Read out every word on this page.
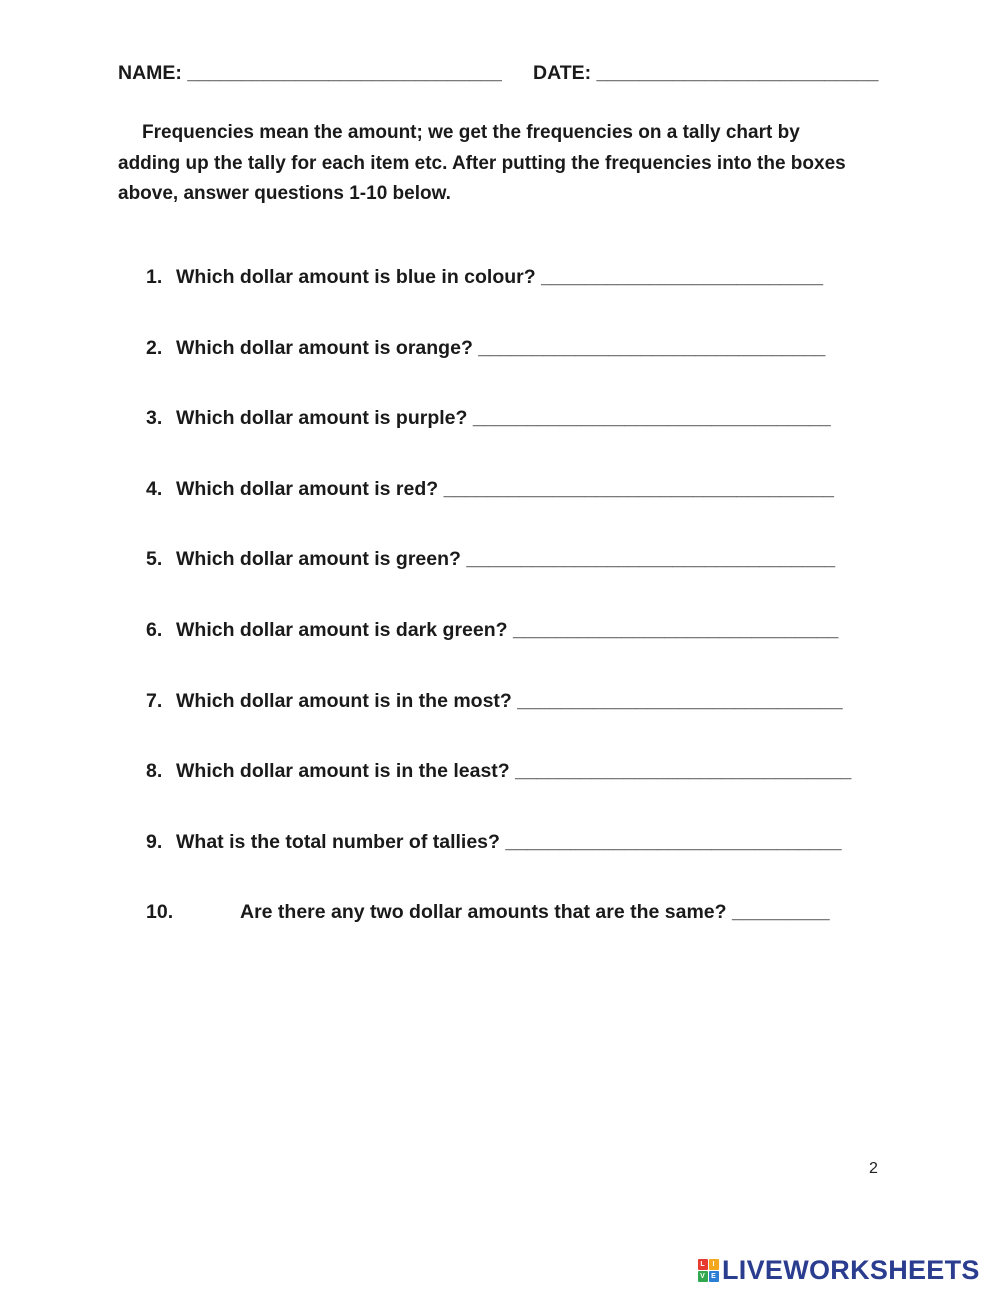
NAME: _____________________________ DATE: __________________________

Frequencies mean the amount; we get the frequencies on a tally chart by adding up the tally for each item etc. After putting the frequencies into the boxes above, answer questions 1-10 below.

1. Which dollar amount is blue in colour? __________________________
2. Which dollar amount is orange? ________________________________
3. Which dollar amount is purple? _________________________________
4. Which dollar amount is red? ____________________________________
5. Which dollar amount is green? __________________________________
6. Which dollar amount is dark green? ______________________________
7. Which dollar amount is in the most? ______________________________
8. Which dollar amount is in the least? _______________________________
9. What is the total number of tallies? _______________________________
10.	Are there any two dollar amounts that are the same? _________
2
L	I
V E LIVEWORKSHEETS
